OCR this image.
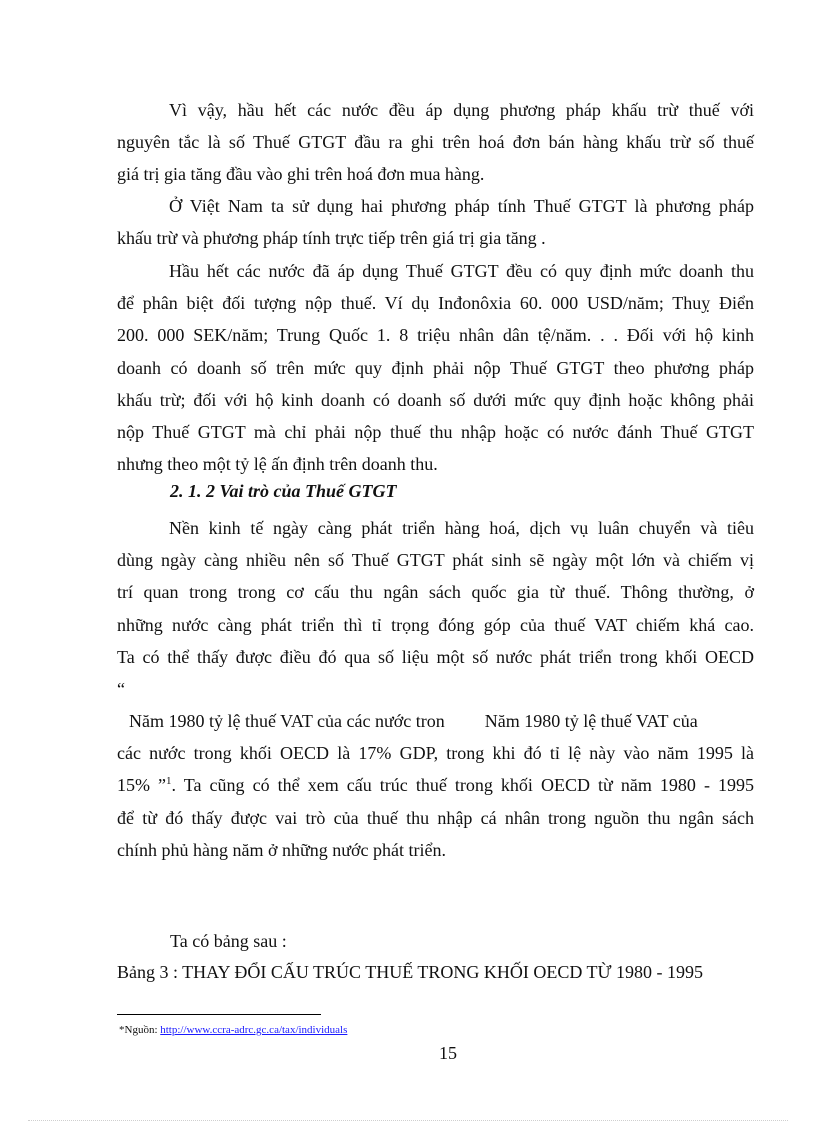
Vì vậy, hầu hết các nước đều áp dụng phương pháp khấu trừ thuế với
nguyên tắc là số Thuế GTGT đầu ra ghi trên hoá đơn bán hàng khấu trừ số thuế
giá trị gia tăng đầu vào ghi trên hoá đơn mua hàng.
Ở Việt Nam ta sử dụng hai phương pháp tính Thuế GTGT là phương pháp
khấu trừ và phương pháp tính trực tiếp trên giá trị gia tăng .
Hầu hết các nước đã áp dụng Thuế GTGT đều có quy định mức doanh thu
để phân biệt đối tượng nộp thuế. Ví dụ Inđonôxia 60. 000 USD/năm; Thuỵ Điển
200. 000 SEK/năm; Trung Quốc 1. 8 triệu nhân dân tệ/năm. . . Đối với hộ kinh
doanh có doanh số trên mức quy định phải nộp Thuế GTGT theo phương pháp
khấu trừ; đối với hộ kinh doanh có doanh số dưới mức quy định hoặc không phải
nộp Thuế GTGT mà chỉ phải nộp thuế thu nhập hoặc có nước đánh Thuế GTGT
nhưng theo một tỷ lệ ấn định trên doanh thu.
2. 1. 2 Vai trò của Thuế GTGT
Nền kinh tế ngày càng phát triển hàng hoá, dịch vụ luân chuyển và tiêu
dùng ngày càng nhiều nên số Thuế GTGT phát sinh sẽ ngày một lớn và chiếm vị
trí quan trong trong cơ cấu thu ngân sách quốc gia từ thuế. Thông thường, ở
những nước càng phát triển thì tỉ trọng đóng góp của thuế VAT chiếm khá cao.
Ta có thể thấy được điều đó qua số liệu một số nước phát triển trong khối OECD
“
Năm 1980 tỷ lệ thuế VAT của các nước tron Năm 1980 tỷ lệ thuế VAT của
các nước trong khối OECD là 17% GDP, trong khi đó tỉ lệ này vào năm 1995 là
15% ”$^1$. Ta cũng có thể xem cấu trúc thuế trong khối OECD từ năm 1980 - 1995
để từ đó thấy được vai trò của thuế thu nhập cá nhân trong nguồn thu ngân sách
chính phủ hàng năm ở những nước phát triển.
Ta có bảng sau :
Bảng 3 : THAY ĐỔI CẤU TRÚC THUẾ TRONG KHỐI OECD TỪ 1980 - 1995
*Nguồn: http://www.ccra-adrc.gc.ca/tax/individuals
15
